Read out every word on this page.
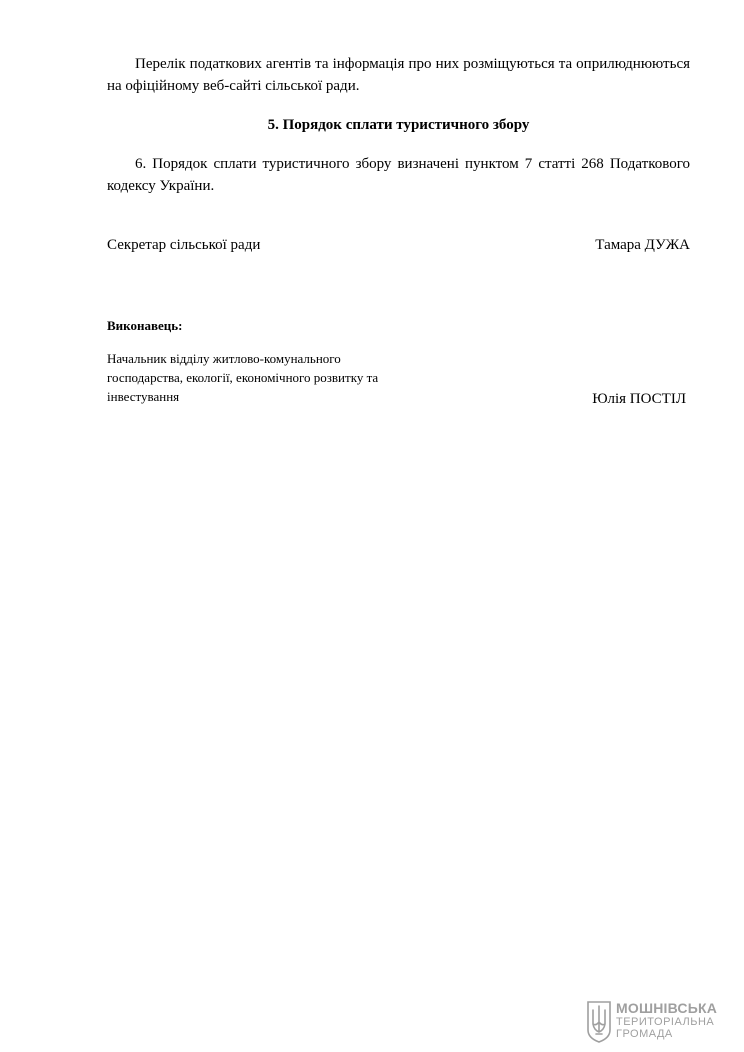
Перелік податкових агентів та інформація про них розміщуються та оприлюднюються на офіційному веб-сайті сільської ради.

5. Порядок сплати туристичного збору

6. Порядок сплати туристичного збору визначені пунктом 7 статті 268 Податкового кодексу України.

Секретар сільської ради	Тамара ДУЖА

Виконавець:

Начальник відділу житлово-комунального господарства, екології, економічного розвитку та інвестування	Юлія ПОСТІЛ
МОШНІВСЬКА
ТЕРИТОРІАЛЬНА
ГРОМАДА
